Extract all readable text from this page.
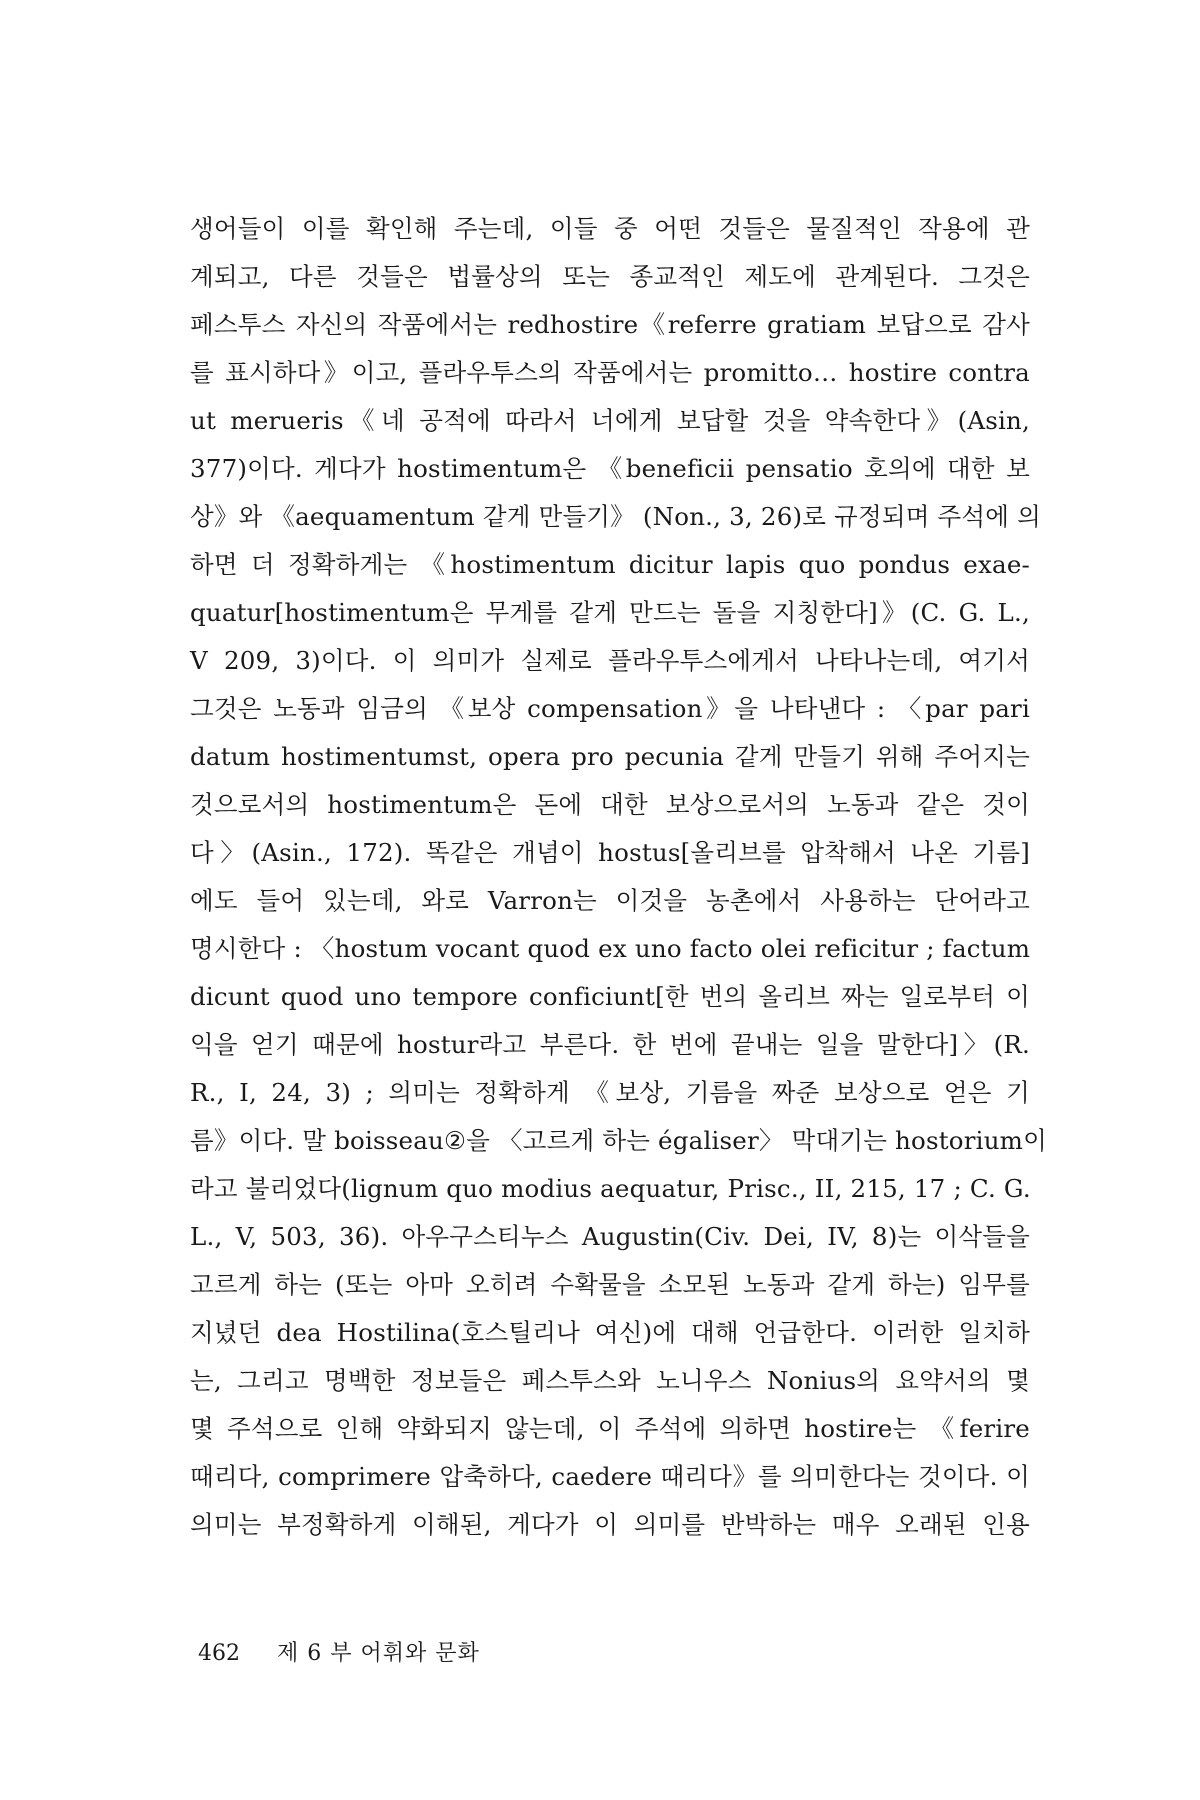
생어들이 이를 확인해 주는데, 이들 중 어떤 것들은 물질적인 작용에 관
계되고, 다른 것들은 법률상의 또는 종교적인 제도에 관계된다. 그것은
페스투스 자신의 작품에서는 redhostire《referre gratiam 보답으로 감사
를 표시하다》이고, 플라우투스의 작품에서는 promitto… hostire contra
ut merueris《네 공적에 따라서 너에게 보답할 것을 약속한다》(Asin,
377)이다. 게다가 hostimentum은 《beneficii pensatio 호의에 대한 보
상》와 《aequamentum 같게 만들기》 (Non., 3, 26)로 규정되며 주석에 의
하면 더 정확하게는 《hostimentum dicitur lapis quo pondus exae-
quatur[hostimentum은 무게를 같게 만드는 돌을 지칭한다]》(C. G. L.,
V 209, 3)이다. 이 의미가 실제로 플라우투스에게서 나타나는데, 여기서
그것은 노동과 임금의 《보상 compensation》을 나타낸다 : 〈par pari
datum hostimentumst, opera pro pecunia 같게 만들기 위해 주어지는
것으로서의 hostimentum은 돈에 대한 보상으로서의 노동과 같은 것이
다〉(Asin., 172). 똑같은 개념이 hostus[올리브를 압착해서 나온 기름]
에도 들어 있는데, 와로 Varron는 이것을 농촌에서 사용하는 단어라고
명시한다 : 〈hostum vocant quod ex uno facto olei reficitur ; factum
dicunt quod uno tempore conficiunt[한 번의 올리브 짜는 일로부터 이
익을 얻기 때문에 hostur라고 부른다. 한 번에 끝내는 일을 말한다]〉(R.
R., I, 24, 3) ; 의미는 정확하게 《보상, 기름을 짜준 보상으로 얻은 기
름》이다. 말 boisseau②을 〈고르게 하는 égaliser〉 막대기는 hostorium이
라고 불리었다(lignum quo modius aequatur, Prisc., II, 215, 17 ; C. G.
L., V, 503, 36). 아우구스티누스 Augustin(Civ. Dei, IV, 8)는 이삭들을
고르게 하는 (또는 아마 오히려 수확물을 소모된 노동과 같게 하는) 임무를
지녔던 dea Hostilina(호스틸리나 여신)에 대해 언급한다. 이러한 일치하
는, 그리고 명백한 정보들은 페스투스와 노니우스 Nonius의 요약서의 몇
몇 주석으로 인해 약화되지 않는데, 이 주석에 의하면 hostire는 《ferire
때리다, comprimere 압축하다, caedere 때리다》를 의미한다는 것이다. 이
의미는 부정확하게 이해된, 게다가 이 의미를 반박하는 매우 오래된 인용
462 제 6 부 어휘와 문화
